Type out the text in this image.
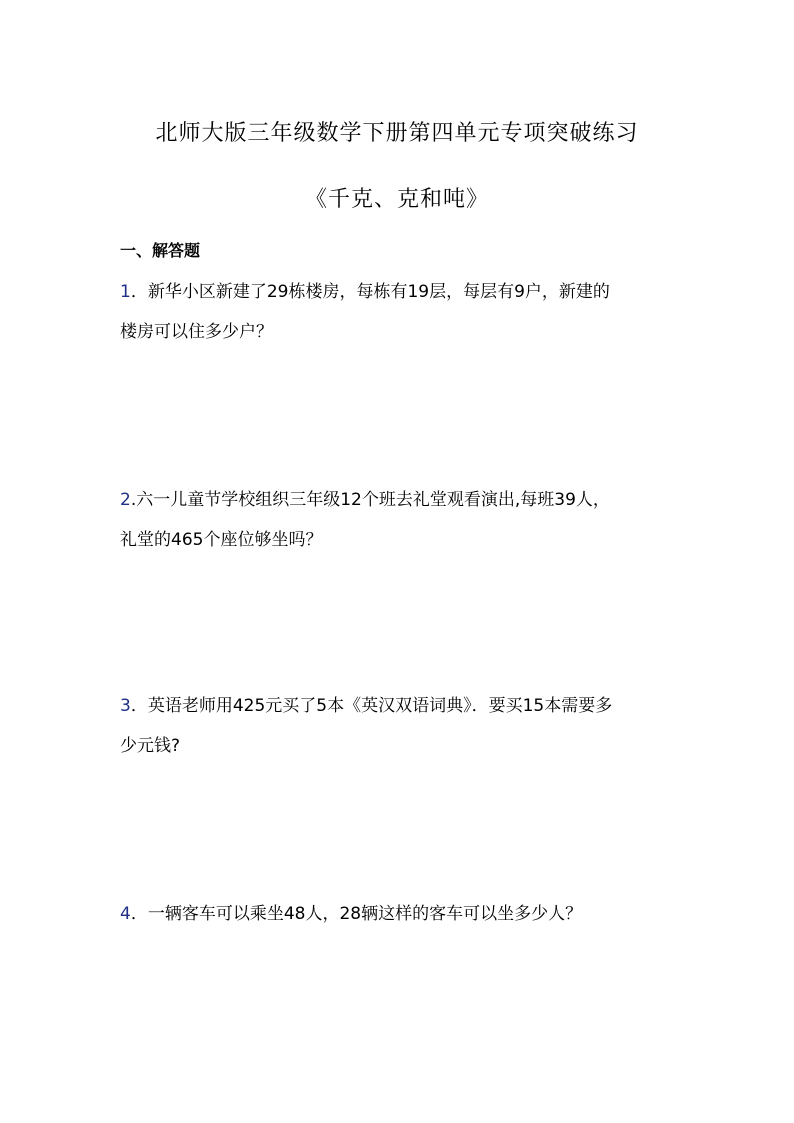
北师大版三年级数学下册第四单元专项突破练习
《千克、克和吨》
一、解答题
1．新华小区新建了29栋楼房，每栋有19层，每层有9户，新建的
楼房可以住多少户？
2.六一儿童节学校组织三年级12个班去礼堂观看演出,每班39人，
礼堂的465个座位够坐吗？
3．英语老师用425元买了5本《英汉双语词典》．要买15本需要多
少元钱?
4．一辆客车可以乘坐48人，28辆这样的客车可以坐多少人？
